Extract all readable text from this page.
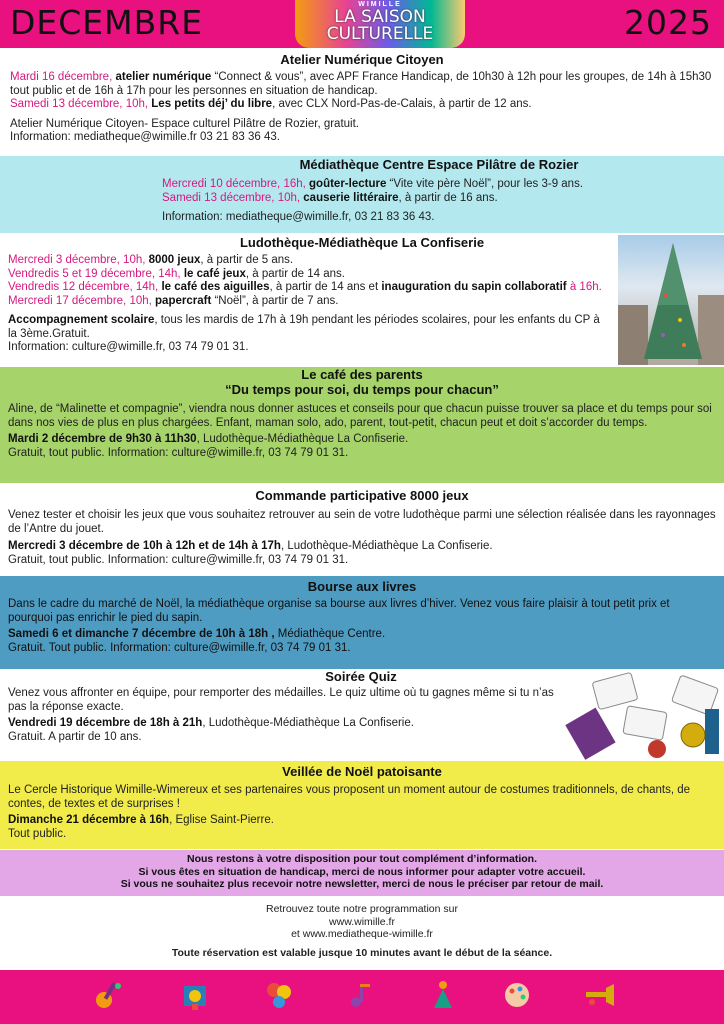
DECEMBRE	WIMILLE
LA SAISON
CULTURELLE	2025

Atelier Numérique Citoyen

Mardi 16 décembre, atelier numérique “Connect & vous”, avec APF France Handicap, de 10h30 à 12h pour les groupes, de 14h à 15h30 tout public et de 16h à 17h pour les personnes en situation de handicap.

Samedi 13 décembre, 10h, Les petits déj’ du libre, avec CLX Nord-Pas-de-Calais, à partir de 12 ans.

Atelier Numérique Citoyen- Espace culturel Pilâtre de Rozier, gratuit.

Information: mediatheque@wimille.fr 03 21 83 36 43.

Médiathèque Centre Espace Pilâtre de Rozier

Mercredi 10 décembre, 16h, goûter-lecture “Vite vite père Noël”, pour les 3-9 ans.

Samedi 13 décembre, 10h, causerie littéraire, à partir de 16 ans.

Information: mediatheque@wimille.fr, 03 21 83 36 43.

Ludothèque-Médiathèque La Confiserie

Mercredi 3 décembre, 10h, 8000 jeux, à partir de 5 ans.

Vendredis 5 et 19 décembre, 14h, le café jeux, à partir de 14 ans.

Vendredis 12 décembre, 14h, le café des aiguilles, à partir de 14 ans et inauguration du sapin collaboratif à 16h.

Mercredi 17 décembre, 10h, papercraft “Noël”, à partir de 7 ans.

Accompagnement scolaire, tous les mardis de 17h à 19h pendant les périodes scolaires, pour les enfants du CP à la 3ème.Gratuit.

Information: culture@wimille.fr, 03 74 79 01 31.

Le café des parents

“Du temps pour soi, du temps pour chacun”

Aline, de “Malinette et compagnie”, viendra nous donner astuces et conseils pour que chacun puisse trouver sa place et du temps pour soi dans nos vies de plus en plus chargées. Enfant, maman solo, ado, parent, tout-petit, chacun peut et doit s’accorder du temps.

Mardi 2 décembre de 9h30 à 11h30, Ludothèque-Médiathèque La Confiserie.

Gratuit, tout public. Information: culture@wimille.fr, 03 74 79 01 31.

Commande participative 8000 jeux

Venez tester et choisir les jeux que vous souhaitez retrouver au sein de votre ludothèque parmi une sélection réalisée dans les rayonnages de l’Antre du jouet.

Mercredi 3 décembre de 10h à 12h et de 14h à 17h, Ludothèque-Médiathèque La Confiserie.

Gratuit, tout public. Information: culture@wimille.fr, 03 74 79 01 31.

Bourse aux livres

Dans le cadre du marché de Noël, la médiathèque organise sa bourse aux livres d’hiver. Venez vous faire plaisir à tout petit prix et pourquoi pas enrichir le pied du sapin.

Samedi 6 et dimanche 7 décembre de 10h à 18h , Médiathèque Centre.

Gratuit. Tout public. Information: culture@wimille.fr, 03 74 79 01 31.

Soirée Quiz

Venez vous affronter en équipe, pour remporter des médailles. Le quiz ultime où tu gagnes même si tu n’as pas la réponse exacte.

Vendredi 19 décembre de 18h à 21h, Ludothèque-Médiathèque La Confiserie.

Gratuit. A partir de 10 ans.

Veillée de Noël patoisante

Le Cercle Historique Wimille-Wimereux et ses partenaires vous proposent un moment autour de costumes traditionnels, de chants, de contes, de textes et de surprises !

Dimanche 21 décembre à 16h, Eglise Saint-Pierre.

Tout public.

Nous restons à votre disposition pour tout complément d’information.

Si vous êtes en situation de handicap, merci de nous informer pour adapter votre accueil.

Si vous ne souhaitez plus recevoir notre newsletter, merci de nous le préciser par retour de mail.

Retrouvez toute notre programmation sur

www.wimille.fr

et www.mediatheque-wimille.fr

Toute réservation est valable jusque 10 minutes avant le début de la séance.
